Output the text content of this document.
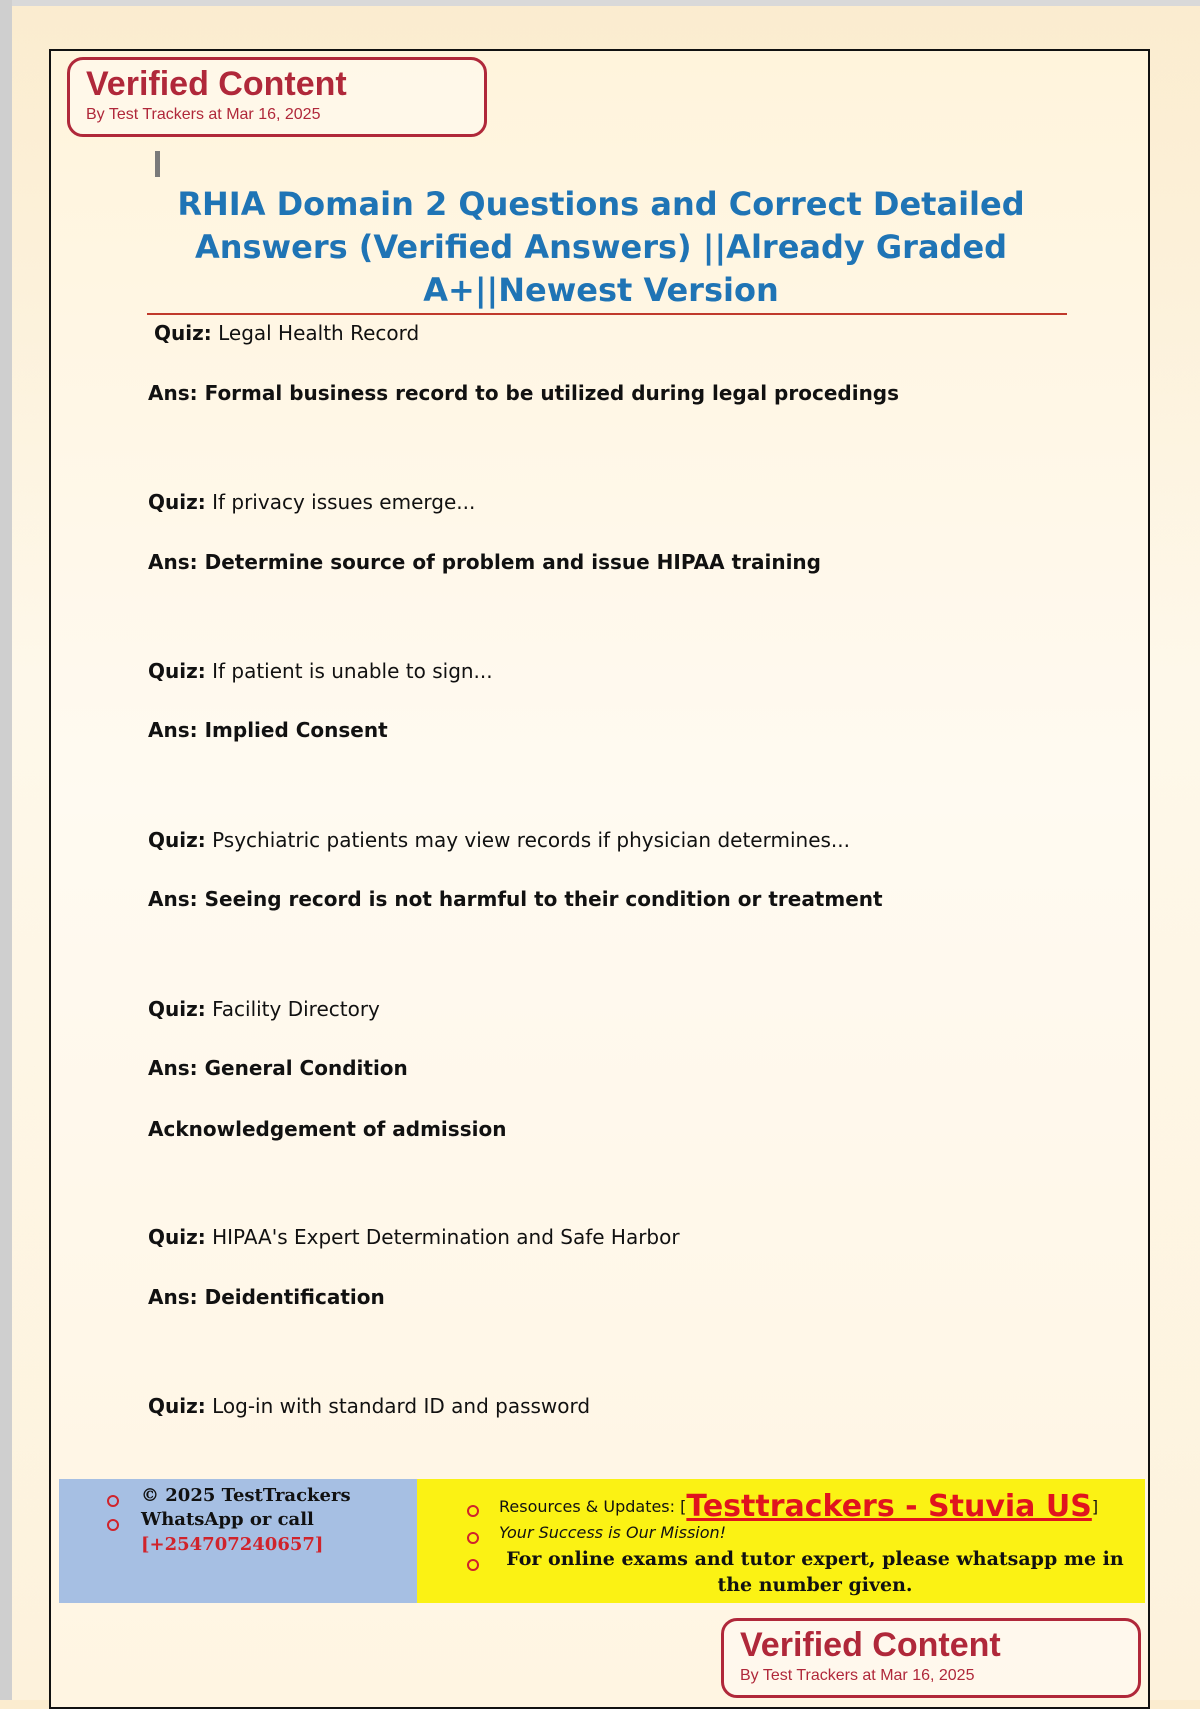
Verified Content
By Test Trackers at Mar 16, 2025
RHIA Domain 2 Questions and Correct Detailed Answers (Verified Answers) ||Already Graded A+||Newest Version
Quiz: Legal Health Record
Ans: Formal business record to be utilized during legal procedings
Quiz: If privacy issues emerge...
Ans: Determine source of problem and issue HIPAA training
Quiz: If patient is unable to sign...
Ans: Implied Consent
Quiz: Psychiatric patients may view records if physician determines...
Ans: Seeing record is not harmful to their condition or treatment
Quiz: Facility Directory
Ans: General Condition
Acknowledgement of admission
Quiz: HIPAA's Expert Determination and Safe Harbor
Ans: Deidentification
Quiz: Log-in with standard ID and password
© 2025 TestTrackers
WhatsApp or call
[+254707240657]
Resources & Updates: [Testtrackers - Stuvia US]
Your Success is Our Mission!
For online exams and tutor expert, please whatsapp me in the number given.
Verified Content
By Test Trackers at Mar 16, 2025
